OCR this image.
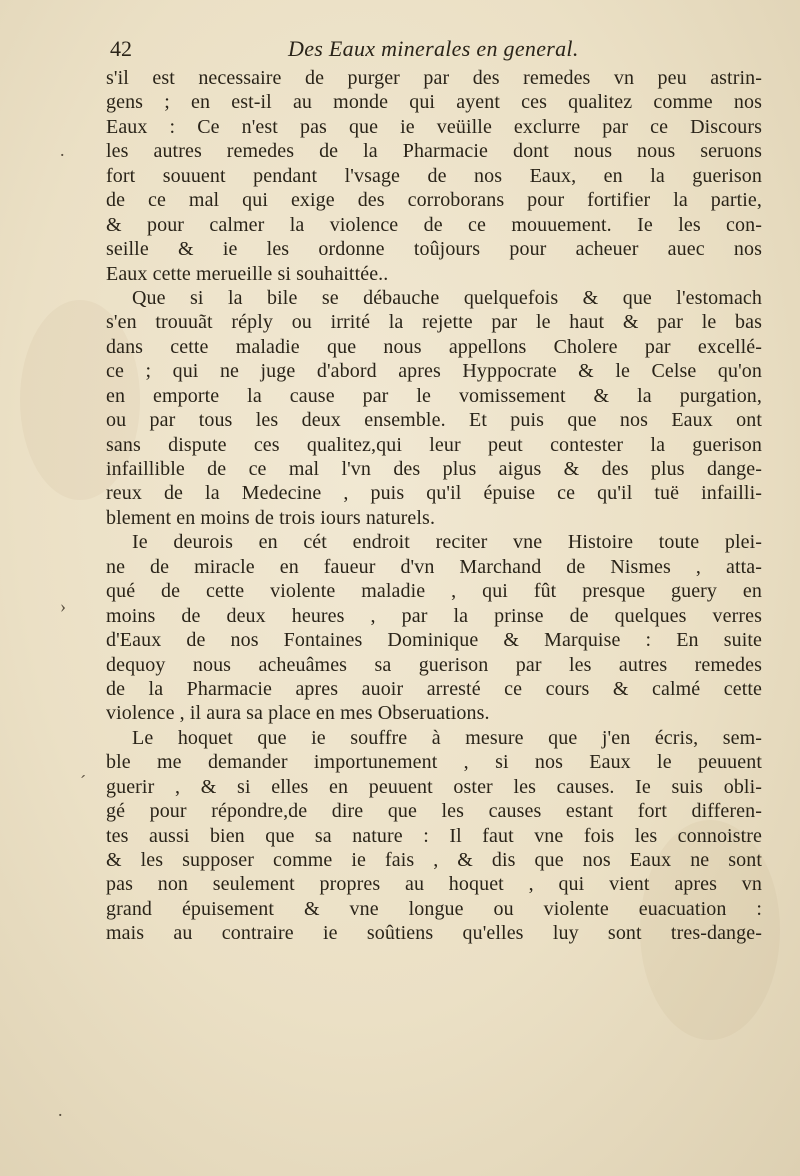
42	Des Eaux minerales en general.
.
›
´
.
s'il est necessaire de purger par des remedes vn peu astrin-
gens ; en est-il au monde qui ayent ces qualitez comme nos
Eaux : Ce n'est pas que ie veüille exclurre par ce Discours
les autres remedes de la Pharmacie dont nous nous seruons
fort souuent pendant l'vsage de nos Eaux, en la guerison
de ce mal qui exige des corroborans pour fortifier la partie,
& pour calmer la violence de ce mouuement. Ie les con-
seille & ie les ordonne toûjours pour acheuer auec nos
Eaux cette merueille si souhaittée..
Que si la bile se débauche quelquefois & que l'estomach
s'en trouuãt réply ou irrité la rejette par le haut & par le bas
dans cette maladie que nous appellons Cholere par excellé-
ce ; qui ne juge d'abord apres Hyppocrate & le Celse qu'on
en emporte la cause par le vomissement & la purgation,
ou par tous les deux ensemble. Et puis que nos Eaux ont
sans dispute ces qualitez,qui leur peut contester la guerison
infaillible de ce mal l'vn des plus aigus & des plus dange-
reux de la Medecine , puis qu'il épuise ce qu'il tuë infailli-
blement en moins de trois iours naturels.
Ie deurois en cét endroit reciter vne Histoire toute plei-
ne de miracle en faueur d'vn Marchand de Nismes , atta-
qué de cette violente maladie , qui fût presque guery en
moins de deux heures , par la prinse de quelques verres
d'Eaux de nos Fontaines Dominique & Marquise : En suite
dequoy nous acheuâmes sa guerison par les autres remedes
de la Pharmacie apres auoir arresté ce cours & calmé cette
violence , il aura sa place en mes Obseruations.
Le hoquet que ie souffre à mesure que j'en écris, sem-
ble me demander importunement , si nos Eaux le peuuent
guerir , & si elles en peuuent oster les causes. Ie suis obli-
gé pour répondre,de dire que les causes estant fort differen-
tes aussi bien que sa nature : Il faut vne fois les connoistre
& les supposer comme ie fais , & dis que nos Eaux ne sont
pas non seulement propres au hoquet , qui vient apres vn
grand épuisement & vne longue ou violente euacuation :
mais au contraire ie soûtiens qu'elles luy sont tres-dange-
